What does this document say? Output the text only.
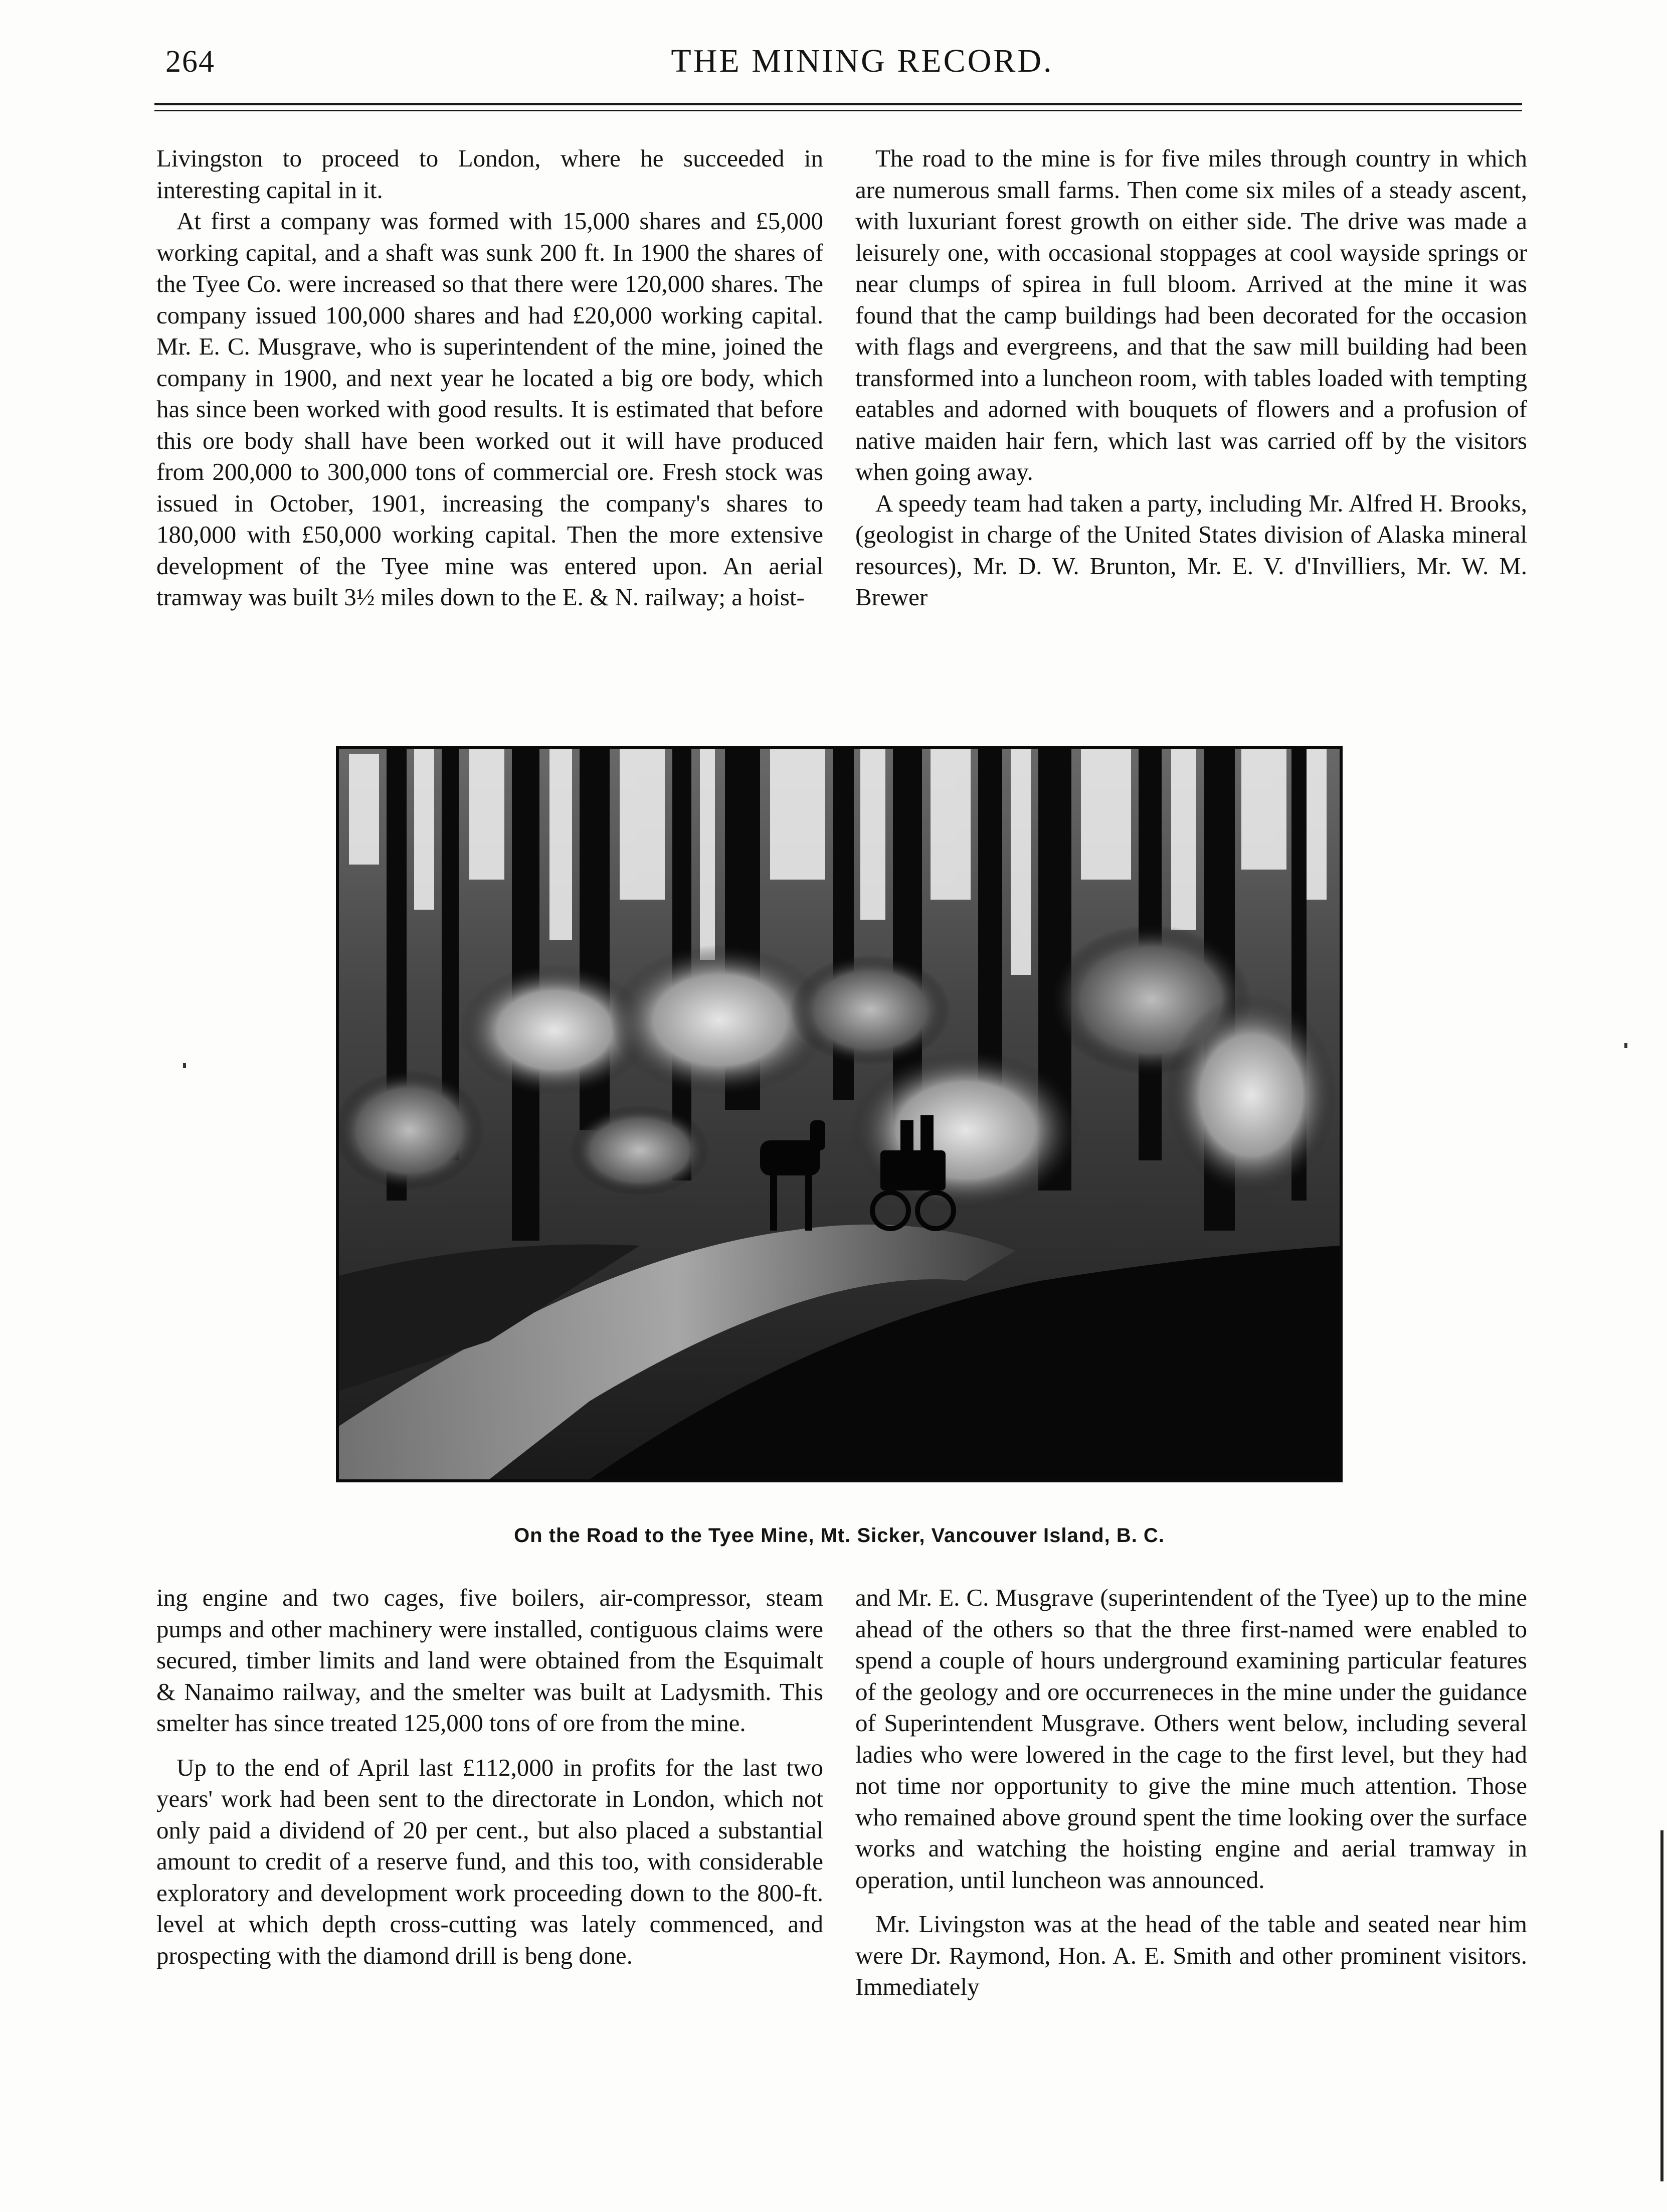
264	THE MINING RECORD.

Livingston to proceed to London, where he succeeded in interesting capital in it.

At first a company was formed with 15,000 shares and £5,000 working capital, and a shaft was sunk 200 ft. In 1900 the shares of the Tyee Co. were increased so that there were 120,000 shares. The company issued 100,000 shares and had £20,000 working capital. Mr. E. C. Musgrave, who is superintendent of the mine, joined the company in 1900, and next year he located a big ore body, which has since been worked with good results. It is estimated that before this ore body shall have been worked out it will have produced from 200,000 to 300,000 tons of commercial ore. Fresh stock was issued in October, 1901, increasing the company's shares to 180,000 with £50,000 working capital. Then the more extensive development of the Tyee mine was entered upon. An aerial tramway was built 3½ miles down to the E. & N. railway; a hoist-

The road to the mine is for five miles through country in which are numerous small farms. Then come six miles of a steady ascent, with luxuriant forest growth on either side. The drive was made a leisurely one, with occasional stoppages at cool wayside springs or near clumps of spirea in full bloom. Arrived at the mine it was found that the camp buildings had been decorated for the occasion with flags and evergreens, and that the saw mill building had been transformed into a luncheon room, with tables loaded with tempting eatables and adorned with bouquets of flowers and a profusion of native maiden hair fern, which last was carried off by the visitors when going away.

A speedy team had taken a party, including Mr. Alfred H. Brooks, (geologist in charge of the United States division of Alaska mineral resources), Mr. D. W. Brunton, Mr. E. V. d'Invilliers, Mr. W. M. Brewer

On the Road to the Tyee Mine, Mt. Sicker, Vancouver Island, B. C.

ing engine and two cages, five boilers, air-compressor, steam pumps and other machinery were installed, contiguous claims were secured, timber limits and land were obtained from the Esquimalt & Nanaimo railway, and the smelter was built at Ladysmith. This smelter has since treated 125,000 tons of ore from the mine.

Up to the end of April last £112,000 in profits for the last two years' work had been sent to the directorate in London, which not only paid a dividend of 20 per cent., but also placed a substantial amount to credit of a reserve fund, and this too, with considerable exploratory and development work proceeding down to the 800-ft. level at which depth cross-cutting was lately commenced, and prospecting with the diamond drill is beng done.

and Mr. E. C. Musgrave (superintendent of the Tyee) up to the mine ahead of the others so that the three first-named were enabled to spend a couple of hours underground examining particular features of the geology and ore occurreneces in the mine under the guidance of Superintendent Musgrave. Others went below, including several ladies who were lowered in the cage to the first level, but they had not time nor opportunity to give the mine much attention. Those who remained above ground spent the time looking over the surface works and watching the hoisting engine and aerial tramway in operation, until luncheon was announced.

Mr. Livingston was at the head of the table and seated near him were Dr. Raymond, Hon. A. E. Smith and other prominent visitors. Immediately
